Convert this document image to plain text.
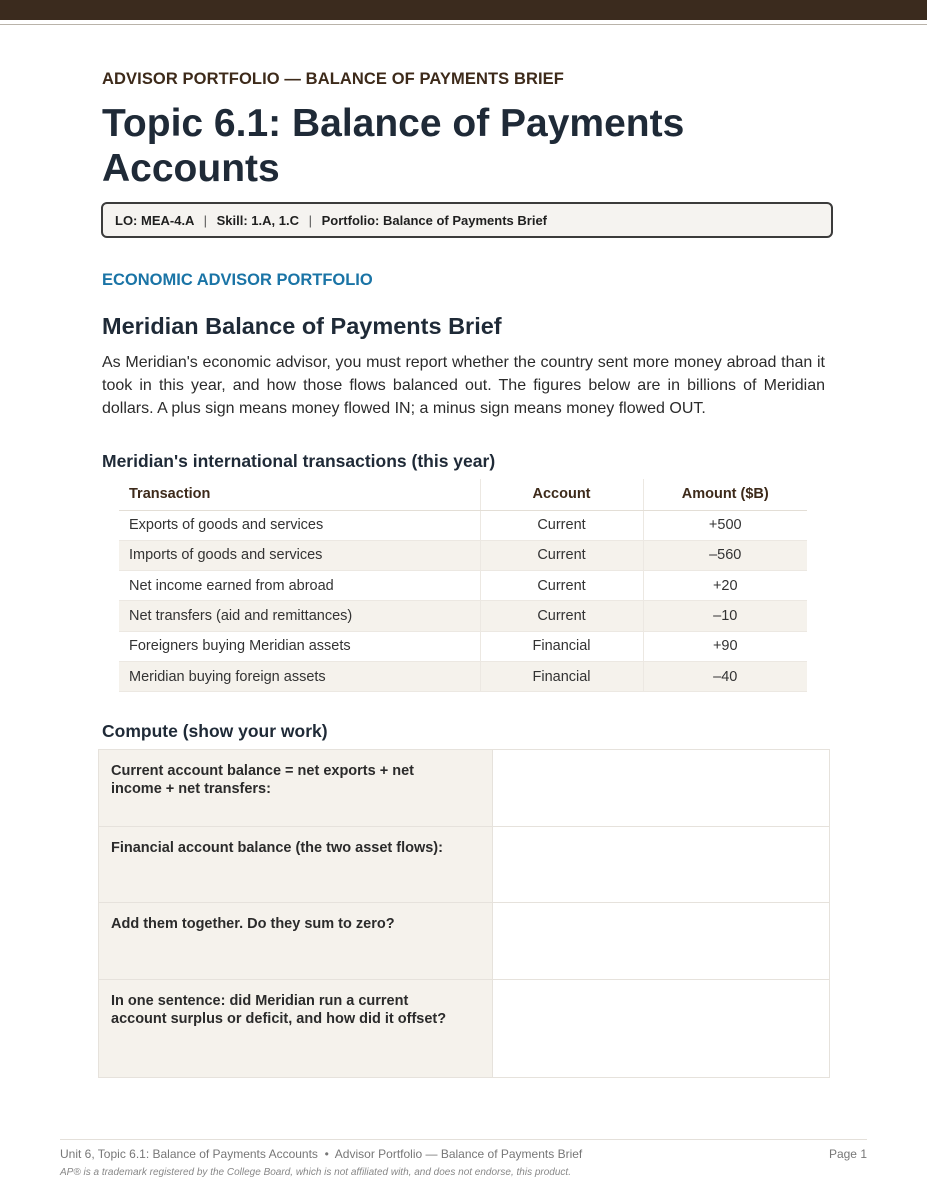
ADVISOR PORTFOLIO — BALANCE OF PAYMENTS BRIEF
Topic 6.1: Balance of Payments Accounts
LO: MEA-4.A | Skill: 1.A, 1.C | Portfolio: Balance of Payments Brief
ECONOMIC ADVISOR PORTFOLIO
Meridian Balance of Payments Brief

As Meridian's economic advisor, you must report whether the country sent more money abroad than it took in this year, and how those flows balanced out. The figures below are in billions of Meridian dollars. A plus sign means money flowed IN; a minus sign means money flowed OUT.

Meridian's international transactions (this year)
Transaction	Account	Amount ($B)
Exports of goods and services	Current	+500
Imports of goods and services	Current	–560
Net income earned from abroad	Current	+20
Net transfers (aid and remittances)	Current	–10
Foreigners buying Meridian assets	Financial	+90
Meridian buying foreign assets	Financial	–40
Compute (show your work)
Current account balance = net exports + net income + net transfers:	
Financial account balance (the two asset flows):	
Add them together. Do they sum to zero?	
In one sentence: did Meridian run a current account surplus or deficit, and how did it offset?	
Unit 6, Topic 6.1: Balance of Payments Accounts  •  Advisor Portfolio — Balance of Payments Brief	Page 1
AP® is a trademark registered by the College Board, which is not affiliated with, and does not endorse, this product.
